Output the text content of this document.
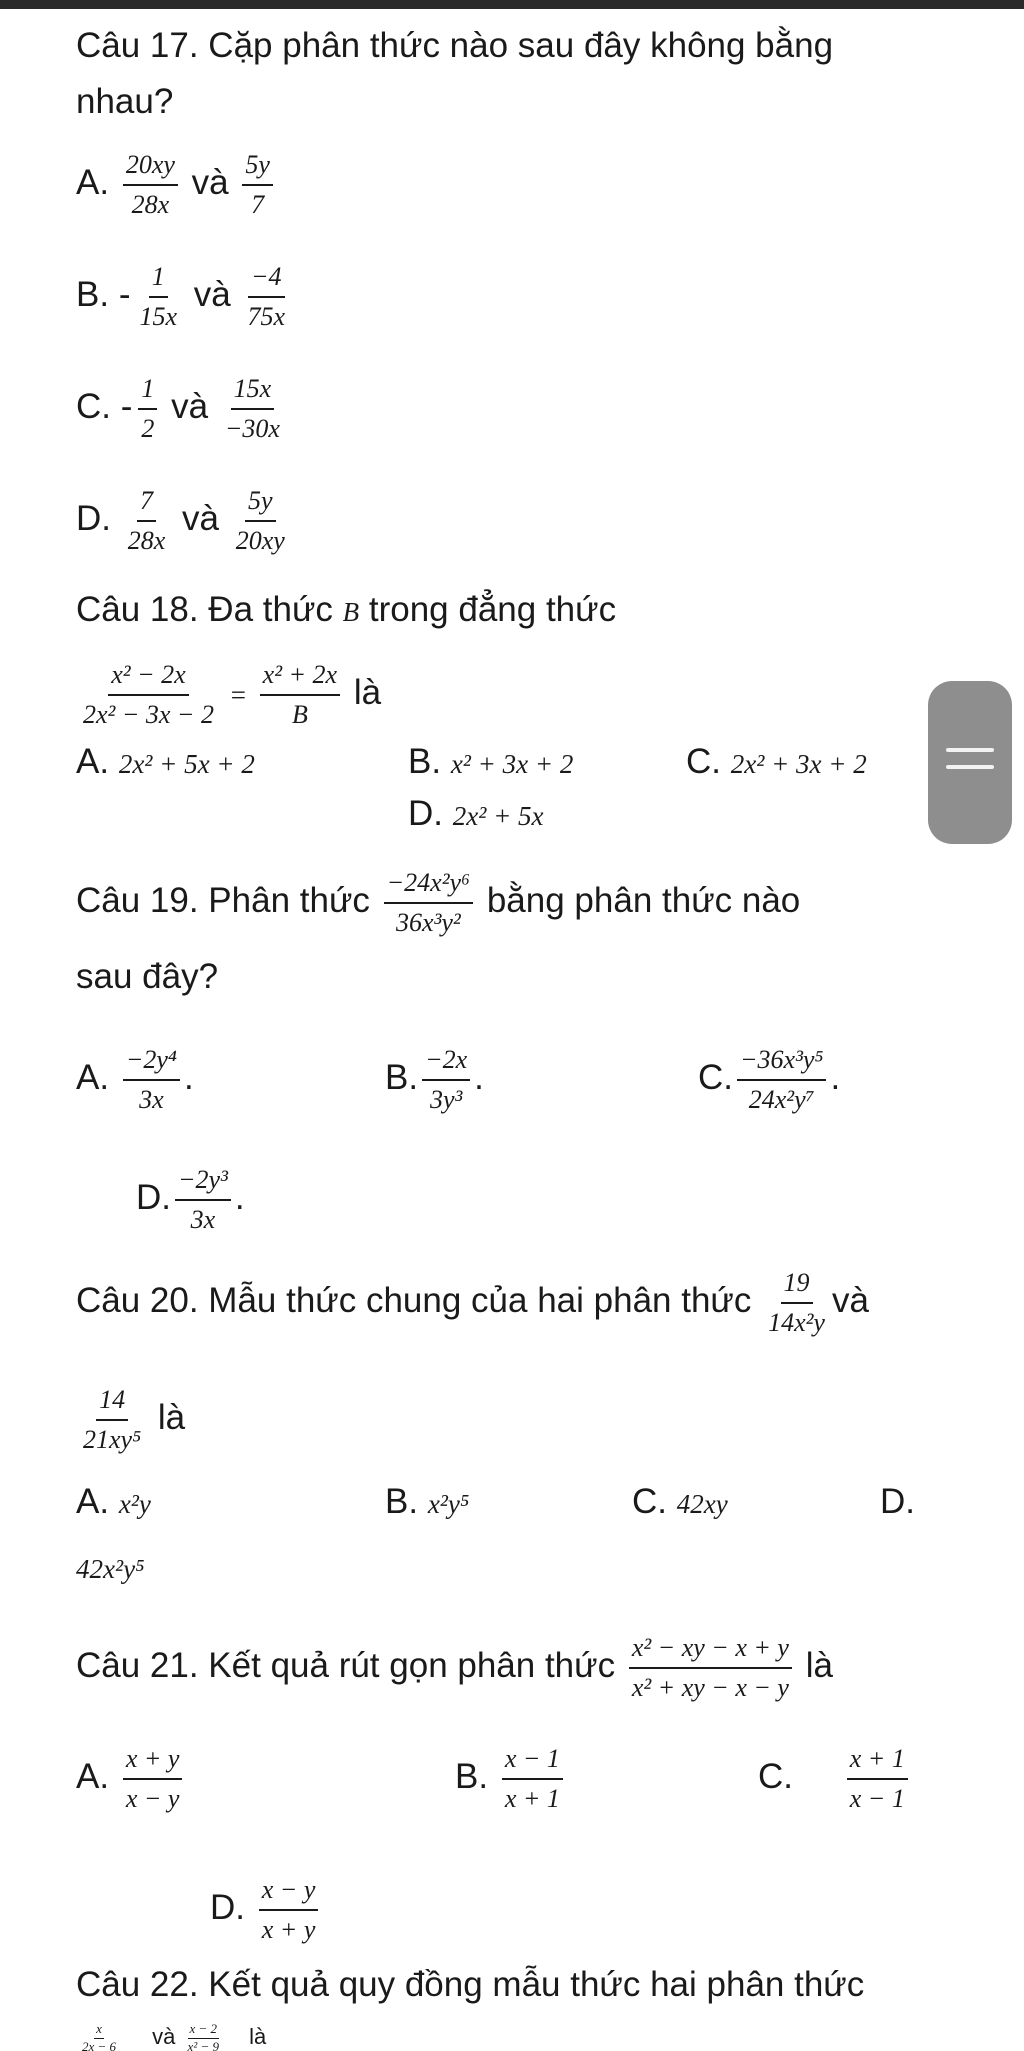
Câu 17. Cặp phân thức nào sau đây không bằng
nhau?
A. $\frac{20xy}{28x}$ và $\frac{5y}{7}$
B. - $\frac{1}{15x}$ và $\frac{-4}{75x}$
C. - $\frac{1}{2}$ và $\frac{15x}{-30x}$
D. $\frac{7}{28x}$ và $\frac{5y}{20xy}$
Câu 18. Đa thức B trong đẳng thức
$\frac{\text{x² − 2x}}{\text{2x² − 3x − 2}} = \frac{\text{x² + 2x}}{B}$ là
A. 2x² + 5x + 2	B. x² + 3x + 2	C. 2x² + 3x + 2
D. 2x² + 5x
Câu 19. Phân thức $\frac{\text{−24x²y⁶}}{\text{36x³y²}}$ bằng phân thức nào
sau đây?
A. $\frac{\text{−2y⁴}}{3x}$ .	B. $\frac{-2x}{\text{3y³}}$ .	C. $\frac{\text{−36x³y⁵}}{\text{24x²y⁷}}$ .
D. $\frac{\text{−2y³}}{3x}$ .
Câu 20. Mẫu thức chung của hai phân thức $\frac{19}{\text{14x²y}}$ và
$\frac{14}{\text{21xy⁵}}$ là
A. x²y	B. x²y⁵	C. 42xy	D.
42x²y⁵
Câu 21. Kết quả rút gọn phân thức $\frac{\text{x² − xy − x + y}}{\text{x² + xy − x − y}}$ là
A. $\frac{x + y}{x - y}$	B. $\frac{x - 1}{x + 1}$	C. $\frac{x + 1}{x - 1}$
D. $\frac{x - y}{x + y}$
Câu 22. Kết quả quy đồng mẫu thức hai phân thức
$\frac{x}{2x - 6}$ và $\frac{x - 2}{\text{x² − 9}}$ là
